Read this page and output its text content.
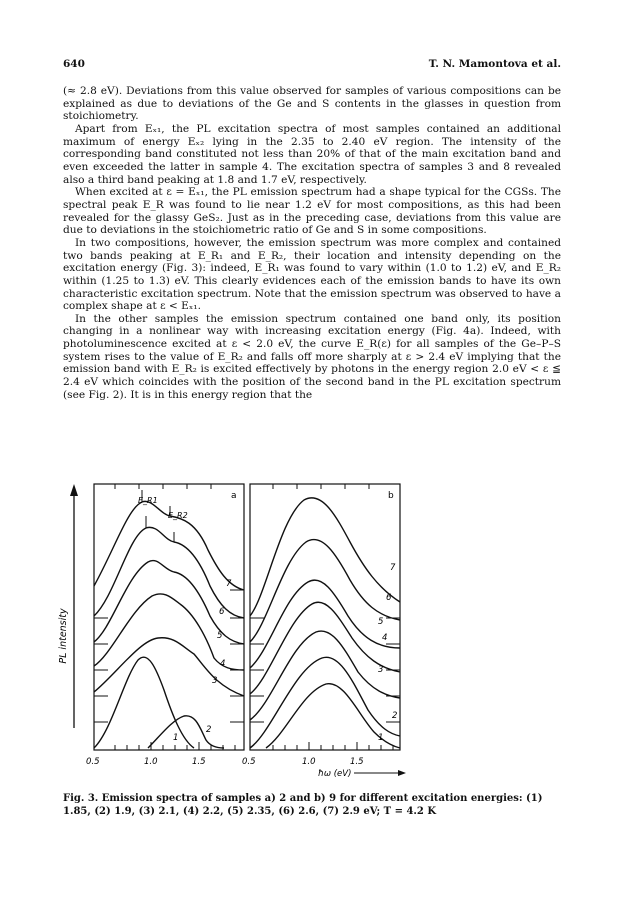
640	T. N. Mamontova et al.

(≈ 2.8 eV). Deviations from this value observed for samples of various compositions can be explained as due to deviations of the Ge and S contents in the glasses in question from stoichiometry.

Apart from Eₓ₁, the PL excitation spectra of most samples contained an additional maximum of energy Eₓ₂ lying in the 2.35 to 2.40 eV region. The intensity of the corresponding band constituted not less than 20% of that of the main excitation band and even exceeded the latter in sample 4. The excitation spectra of samples 3 and 8 revealed also a third band peaking at 1.8 and 1.7 eV, respectively.

When excited at ε = Eₓ₁, the PL emission spectrum had a shape typical for the CGSs. The spectral peak E_R was found to lie near 1.2 eV for most compositions, as this had been revealed for the glassy GeS₂. Just as in the preceding case, deviations from this value are due to deviations in the stoichiometric ratio of Ge and S in some compositions.

In two compositions, however, the emission spectrum was more complex and contained two bands peaking at E_R₁ and E_R₂, their location and intensity depending on the excitation energy (Fig. 3): indeed, E_R₁ was found to vary within (1.0 to 1.2) eV, and E_R₂ within (1.25 to 1.3) eV. This clearly evidences each of the emission bands to have its own characteristic excitation spectrum. Note that the emission spectrum was observed to have a complex shape at ε < Eₓ₁.

In the other samples the emission spectrum contained one band only, its position changing in a nonlinear way with increasing excitation energy (Fig. 4a). Indeed, with photoluminescence excited at ε < 2.0 eV, the curve E_R(ε) for all samples of the Ge–P–S system rises to the value of E_R₂ and falls off more sharply at ε > 2.4 eV implying that the emission band with E_R₂ is excited effectively by photons in the energy region 2.0 eV < ε ≦ 2.4 eV which coincides with the position of the second band in the PL excitation spectrum (see Fig. 2). It is in this energy region that the

PL intensity
E_R1
E_R2
a
1
2
3
4
5
6
7
b
1
2
3
4
5
6
7
0.5	1.0	1.5	0.5	1.0	1.5
ħω (eV)
Fig. 3. Emission spectra of samples a) 2 and b) 9 for different excitation energies: (1) 1.85, (2) 1.9, (3) 2.1, (4) 2.2, (5) 2.35, (6) 2.6, (7) 2.9 eV; T = 4.2 K
